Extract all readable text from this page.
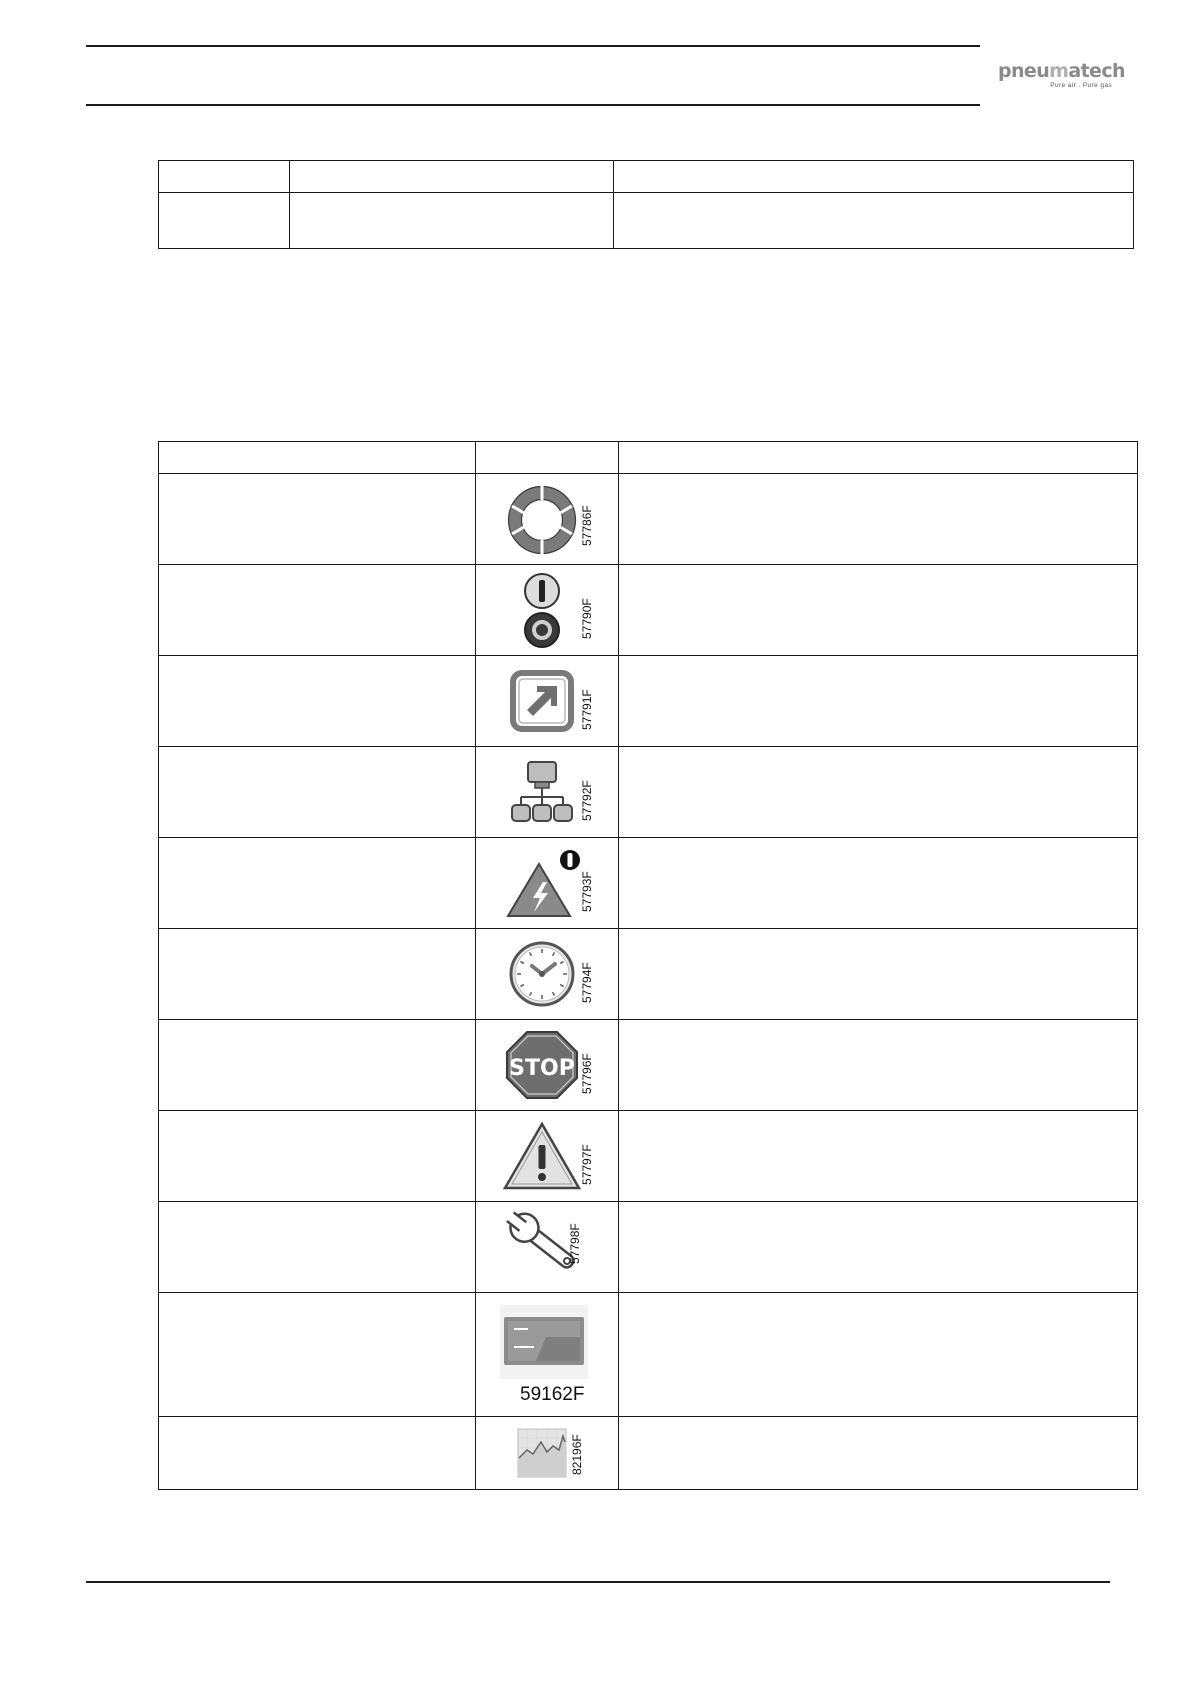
pneumatech
Pure air . Pure gas

	57786F	

	57790F	

	57791F	

	57792F	

	57793F	

	57794F	

STOP 57796F	

	57797F	

	57798F	

	59162F	

	82196F	
